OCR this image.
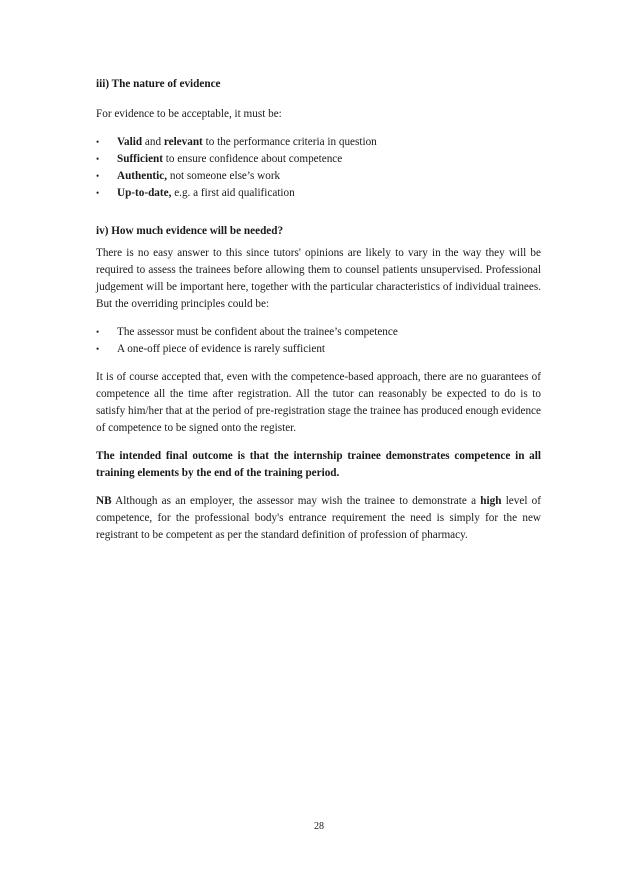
iii) The nature of evidence

For evidence to be acceptable, it must be:

• Valid and relevant to the performance criteria in question
• Sufficient to ensure confidence about competence
• Authentic, not someone else’s work
• Up-to-date, e.g. a first aid qualification
iv) How much evidence will be needed?

There is no easy answer to this since tutors' opinions are likely to vary in the way they will be required to assess the trainees before allowing them to counsel patients unsupervised. Professional judgement will be important here, together with the particular characteristics of individual trainees. But the overriding principles could be:

• The assessor must be confident about the trainee’s competence
• A one-off piece of evidence is rarely sufficient

It is of course accepted that, even with the competence-based approach, there are no guarantees of competence all the time after registration. All the tutor can reasonably be expected to do is to satisfy him/her that at the period of pre-registration stage the trainee has produced enough evidence of competence to be signed onto the register.

The intended final outcome is that the internship trainee demonstrates competence in all training elements by the end of the training period.

NB Although as an employer, the assessor may wish the trainee to demonstrate a high level of competence, for the professional body's entrance requirement the need is simply for the new registrant to be competent as per the standard definition of profession of pharmacy.

28
